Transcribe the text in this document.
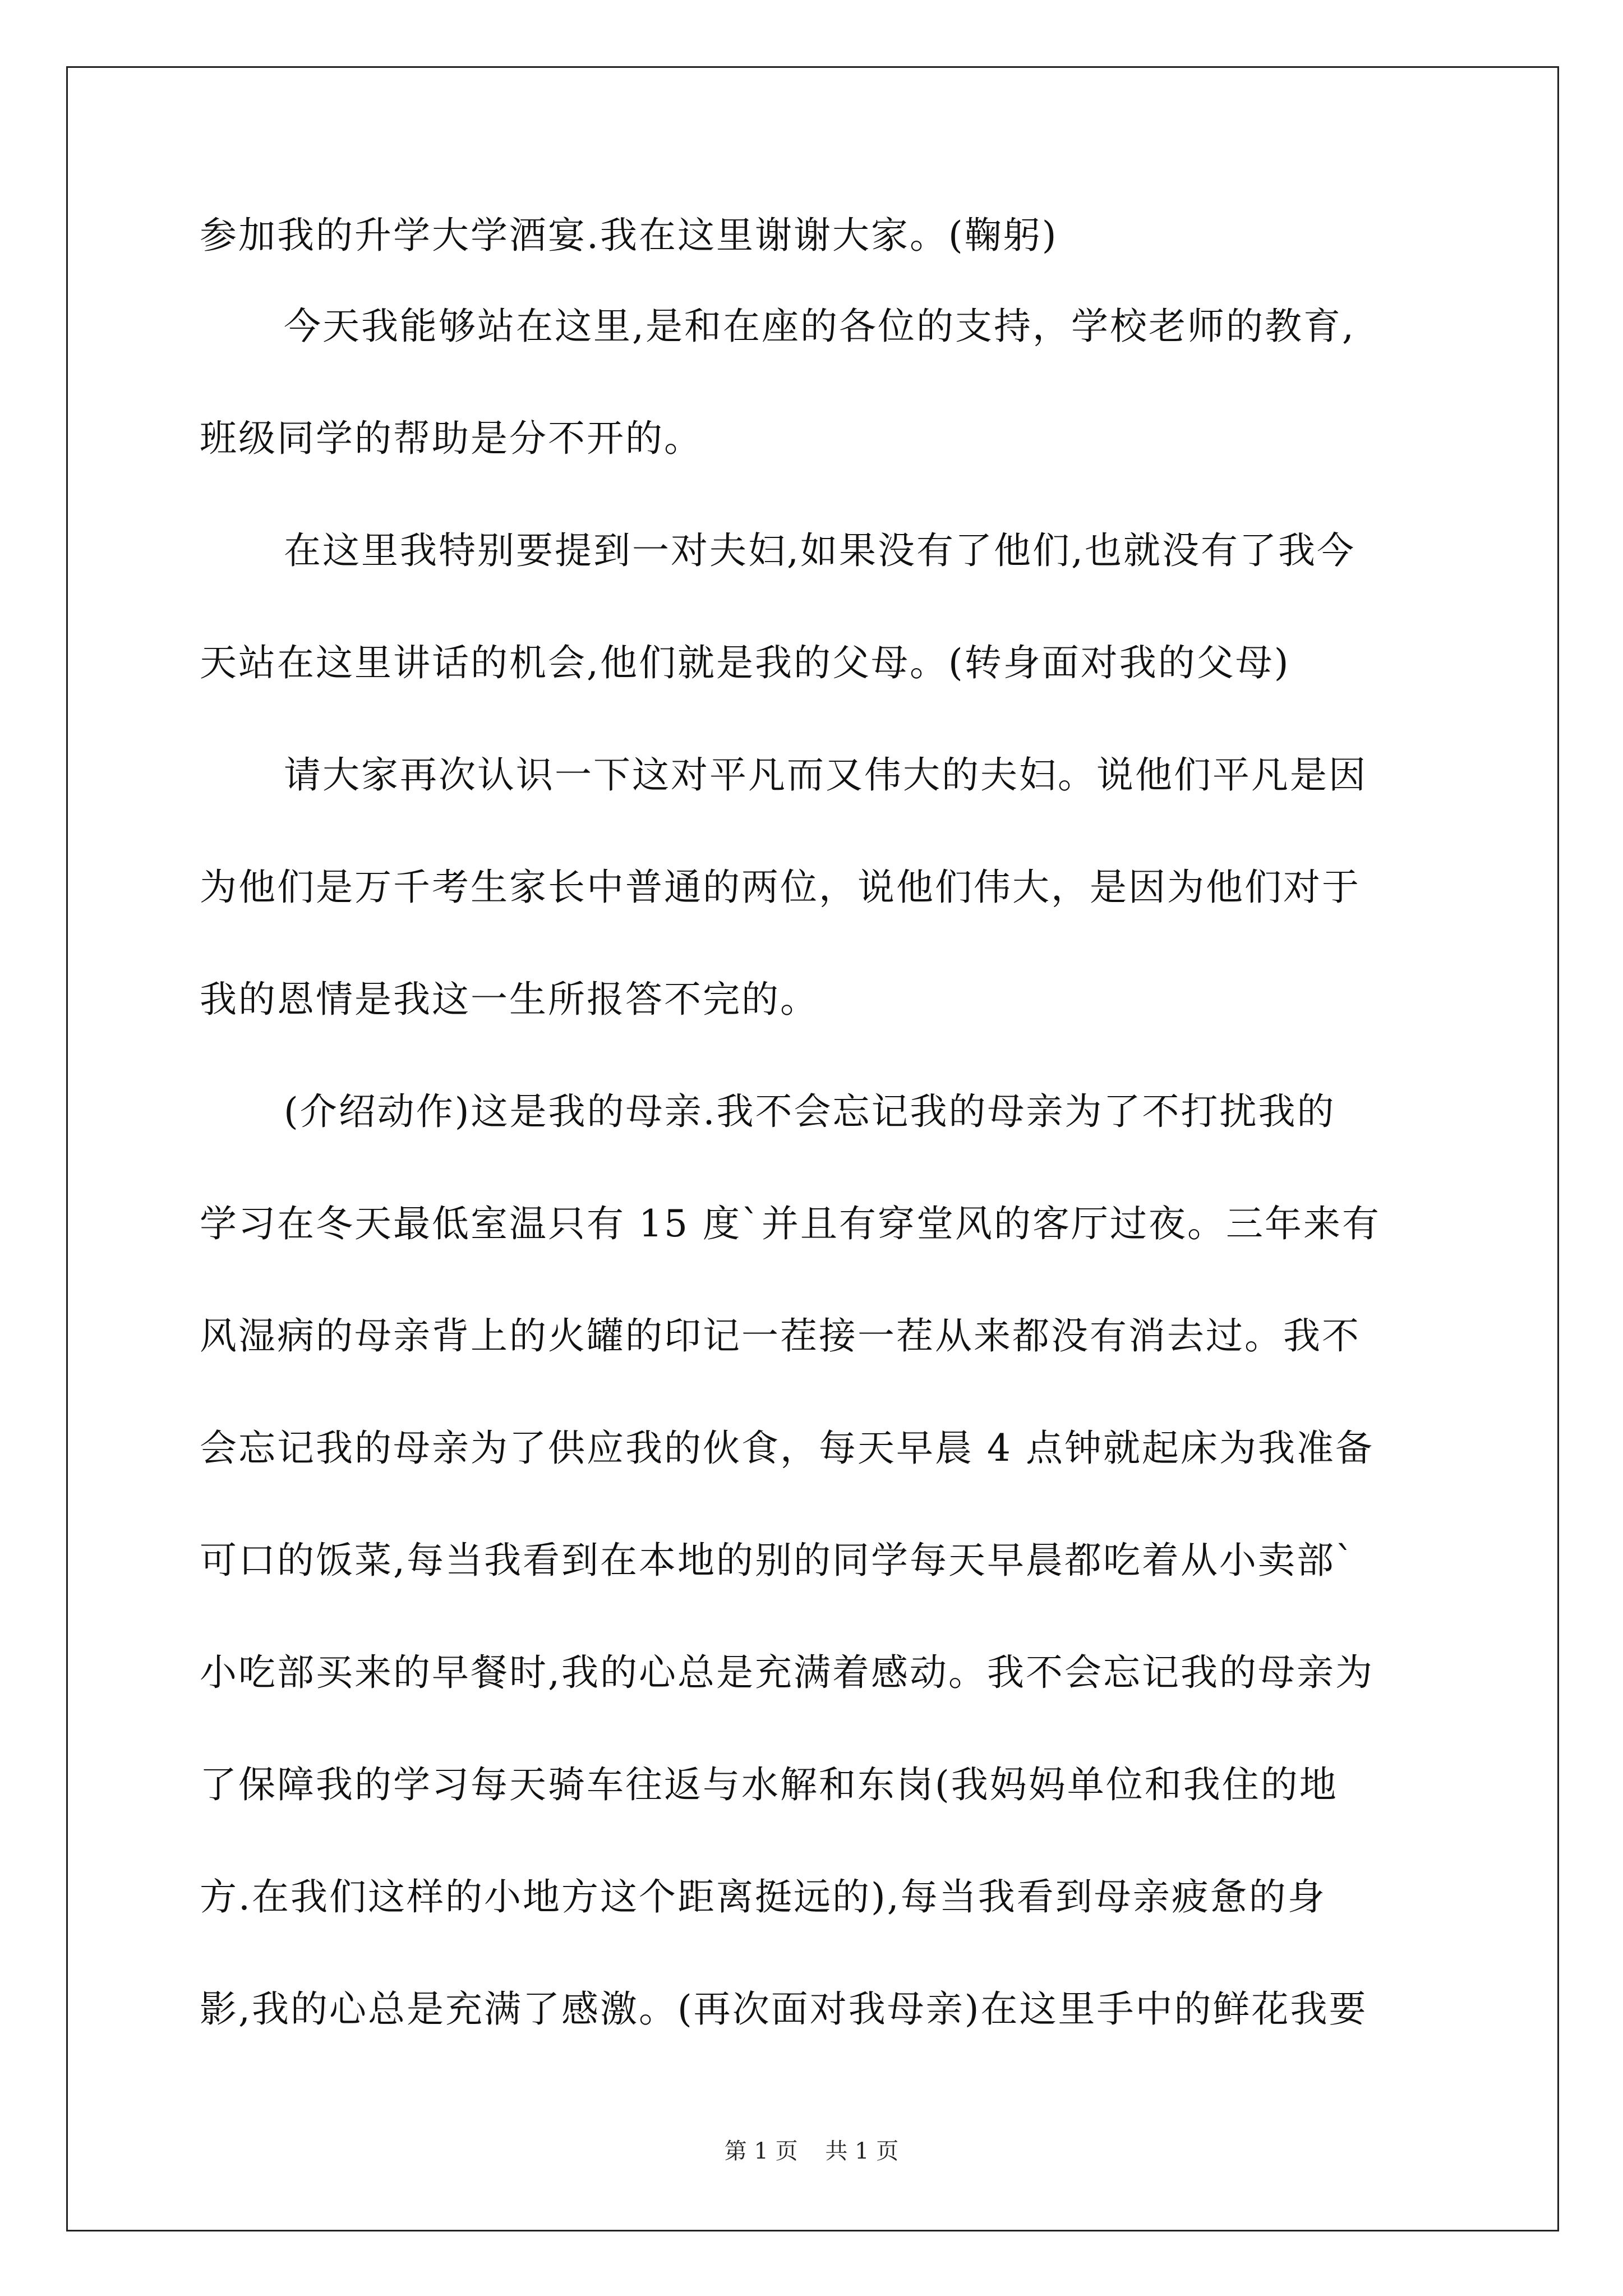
参加我的升学大学酒宴.我在这里谢谢大家。(鞠躬)
今天我能够站在这里,是和在座的各位的支持，学校老师的教育,
班级同学的帮助是分不开的。
在这里我特别要提到一对夫妇,如果没有了他们,也就没有了我今
天站在这里讲话的机会,他们就是我的父母。(转身面对我的父母)
请大家再次认识一下这对平凡而又伟大的夫妇。说他们平凡是因
为他们是万千考生家长中普通的两位，说他们伟大，是因为他们对于
我的恩情是我这一生所报答不完的。
(介绍动作)这是我的母亲.我不会忘记我的母亲为了不打扰我的
学习在冬天最低室温只有 15 度`并且有穿堂风的客厅过夜。三年来有
风湿病的母亲背上的火罐的印记一茬接一茬从来都没有消去过。我不
会忘记我的母亲为了供应我的伙食，每天早晨 4 点钟就起床为我准备
可口的饭菜,每当我看到在本地的别的同学每天早晨都吃着从小卖部`
小吃部买来的早餐时,我的心总是充满着感动。我不会忘记我的母亲为
了保障我的学习每天骑车往返与水解和东岗(我妈妈单位和我住的地
方.在我们这样的小地方这个距离挺远的),每当我看到母亲疲惫的身
影,我的心总是充满了感激。(再次面对我母亲)在这里手中的鲜花我要
第 1 页 共 1 页
